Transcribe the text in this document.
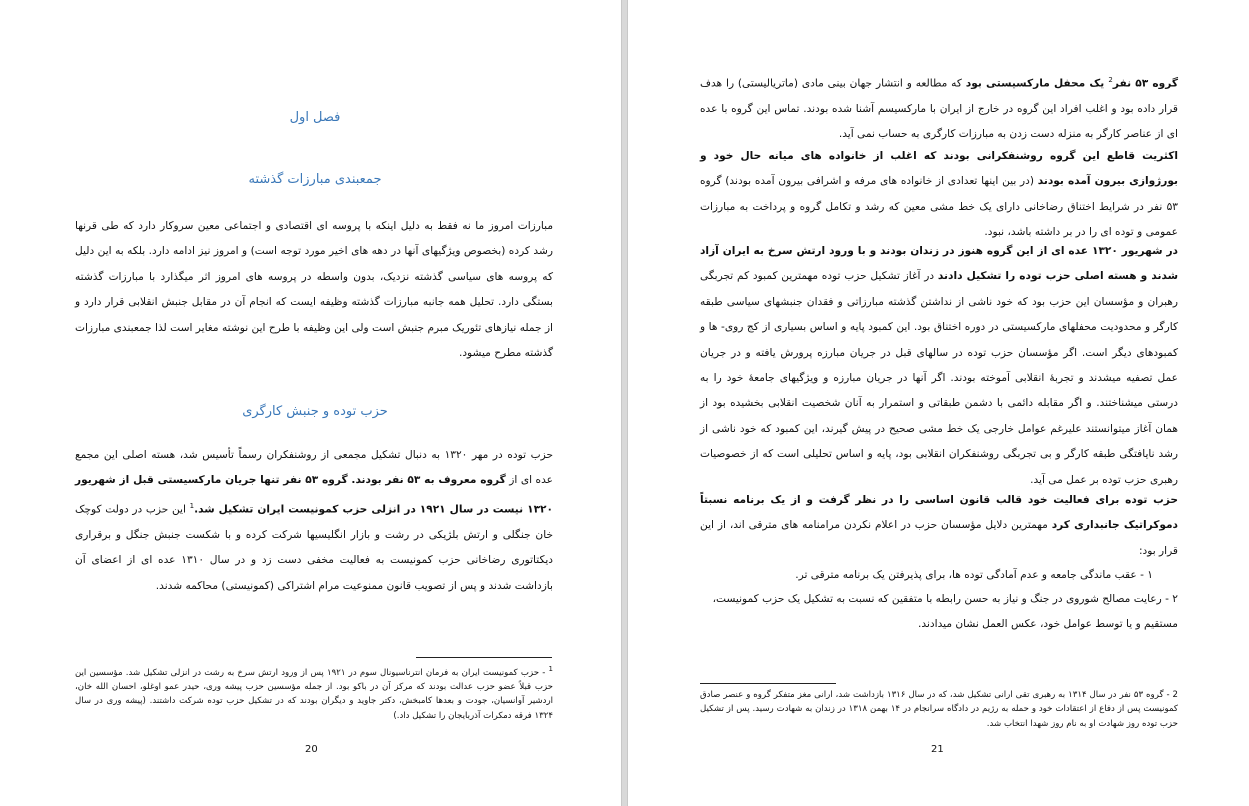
فصل اول
جمعبندی مبارزات گذشته
مبارزات امروز ما نه فقط به دلیل اینکه با پروسه ای اقتصادی و اجتماعی معین سروکار دارد که طی قرنها رشد کرده (بخصوص ویژگیهای آنها در دهه های اخیر مورد توجه است) و امروز نیز ادامه دارد. بلکه به این دلیل که پروسه های سیاسی گذشته نزدیک، بدون واسطه در پروسه های امروز اثر میگذارد با مبارزات گذشته بستگی دارد. تحلیل همه جانبه مبارزات گذشته وظیفه ایست که انجام آن در مقابل جنبش انقلابی قرار دارد و از جمله نیازهای تئوریک مبرم جنبش است ولی این وظیفه با طرح این نوشته مغایر است لذا جمعبندی مبارزات گذشته مطرح میشود.
حزب توده و جنبش کارگری
حزب توده در مهر ۱۳۲۰ به دنبال تشکیل مجمعی از روشنفکران رسماً تأسیس شد، هسته اصلی این مجمع عده ای از گروه معروف به ۵۳ نفر بودند. گروه ۵۳ نفر تنها جریان مارکسیستی قبل از شهریور ۱۳۲۰ نیست در سال ۱۹۲۱ در انزلی حزب کمونیست ایران تشکیل شد.$^1$ این حزب در دولت کوچک خان جنگلی و ارتش بلژیکی در رشت و بازار انگلیسیها شرکت کرده و با شکست جنبش جنگل و برقراری دیکتاتوری رضاخانی حزب کمونیست به فعالیت مخفی دست زد و در سال ۱۳۱۰ عده ای از اعضای آن بازداشت شدند و پس از تصویب قانون ممنوعیت مرام اشتراکی (کمونیستی) محاکمه شدند.
$^1$ - حزب کمونیست ایران به فرمان انترناسیونال سوم در ۱۹۲۱ پس از ورود ارتش سرخ به رشت در انزلی تشکیل شد. مؤسسین این حزب قبلاً عضو حزب عدالت بودند که مرکز آن در باکو بود. از جمله مؤسسین حزب پیشه وری، حیدر عمو اوغلو، احسان الله خان، اردشیر آوانسیان، جودت و بعدها کامبخش، دکتر جاوید و دیگران بودند که در تشکیل حزب توده شرکت داشتند. (پیشه وری در سال ۱۳۲۴ فرقه دمکرات آذربایجان را تشکیل داد.)
20
گروه ۵۳ نفر$^2$ یک محفل مارکسیستی بود که مطالعه و انتشار جهان بینی مادی (ماتریالیستی) را هدف قرار داده بود و اغلب افراد این گروه در خارج از ایران با مارکسیسم آشنا شده بودند. تماس این گروه با عده ای از عناصر کارگر به منزله دست زدن به مبارزات کارگری به حساب نمی آید.
اکثریت قاطع این گروه روشنفکرانی بودند که اغلب از خانواده های میانه حال خود و بورژوازی بیرون آمده بودند (در بین اینها تعدادی از خانواده های مرفه و اشرافی بیرون آمده بودند) گروه ۵۳ نفر در شرایط اختناق رضاخانی دارای یک خط مشی معین که رشد و تکامل گروه و پرداخت به مبارزات عمومی و توده ای را در بر داشته باشد، نبود.
در شهریور ۱۳۲۰ عده ای از این گروه هنوز در زندان بودند و با ورود ارتش سرخ به ایران آزاد شدند و هسته اصلی حزب توده را تشکیل دادند در آغاز تشکیل حزب توده مهمترین کمبود کم تجربگی رهبران و مؤسسان این حزب بود که خود ناشی از نداشتن گذشته مبارزاتی و فقدان جنبشهای سیاسی طبقه کارگر و محدودیت محفلهای مارکسیستی در دوره اختناق بود. این کمبود پایه و اساس بسیاری از کج روی- ها و کمبودهای دیگر است. اگر مؤسسان حزب توده در سالهای قبل در جریان مبارزه پرورش یافته و در جریان عمل تصفیه میشدند و تجربهٔ انقلابی آموخته بودند. اگر آنها در جریان مبارزه و ویژگیهای جامعهٔ خود را به درستی میشناختند. و اگر مقابله دائمی با دشمن طبقاتی و استمرار به آنان شخصیت انقلابی بخشیده بود از همان آغاز میتوانستند علیرغم عوامل خارجی یک خط مشی صحیح در پیش گیرند، این کمبود که خود ناشی از رشد نایافتگی طبقه کارگر و بی تجربگی روشنفکران انقلابی بود، پایه و اساس تحلیلی است که از خصوصیات رهبری حزب توده بر عمل می آید.
حزب توده برای فعالیت خود قالب قانون اساسی را در نظر گرفت و از یک برنامه نسبتاً دموکراتیک جانبداری کرد مهمترین دلایل مؤسسان حزب در اعلام نکردن مرامنامه های مترقی اند، از این قرار بود:
۱ - عقب ماندگی جامعه و عدم آمادگی توده ها، برای پذیرفتن یک برنامه مترقی تر.
۲ - رعایت مصالح شوروی در جنگ و نیاز به حسن رابطه با متفقین که نسبت به تشکیل یک حزب کمونیست، مستقیم و یا توسط عوامل خود، عکس العمل نشان میدادند.
2 - گروه ۵۳ نفر در سال ۱۳۱۴ به رهبری تقی ارانی تشکیل شد، که در سال ۱۳۱۶ بازداشت شد، ارانی مغز متفکر گروه و عنصر صادق کمونیست پس از دفاع از اعتقادات خود و حمله به رژیم در دادگاه سرانجام در ۱۴ بهمن ۱۳۱۸ در زندان به شهادت رسید. پس از تشکیل حزب توده روز شهادت او به نام روز شهدا انتخاب شد.
21
